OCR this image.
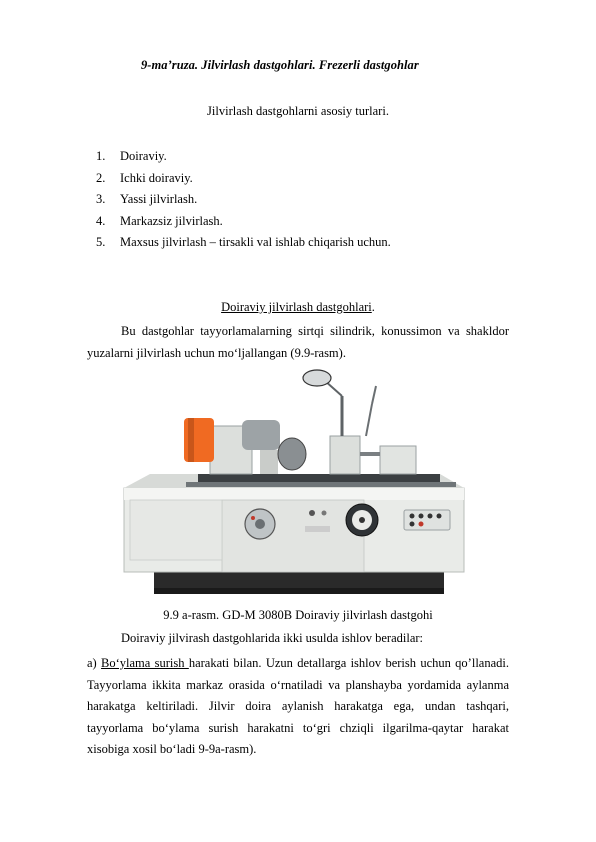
9-ma’ruza. Jilvirlash dastgohlari. Frezerli dastgohlar
Jilvirlash dastgohlarni asosiy turlari.
1. Doiraviy.
2. Ichki doiraviy.
3. Yassi jilvirlash.
4. Markazsiz jilvirlash.
5. Maxsus jilvirlash – tirsakli val ishlab chiqarish uchun.
Doiraviy jilvirlash dastgohlari.
Bu dastgohlar tayyorlamalarning sirtqi silindrik, konussimon va shakldor
yuzalarni jilvirlash uchun mo‘ljallangan (9.9-rasm).
9.9 a-rasm. GD-M 3080B Doiraviy jilvirlash dastgohi
Doiraviy jilvirash dastgohlarida ikki usulda ishlov beradilar:
a) Bo‘ylama surish harakati bilan. Uzun detallarga ishlov berish uchun qo’llanadi.
Tayyorlama ikkita markaz orasida o‘rnatiladi va planshayba yordamida aylanma
harakatga keltiriladi. Jilvir doira aylanish harakatga ega, undan tashqari,
tayyorlama bo‘ylama surish harakatni to‘gri chziqli ilgarilma-qaytar harakat
xisobiga xosil bo‘ladi 9-9a-rasm).
